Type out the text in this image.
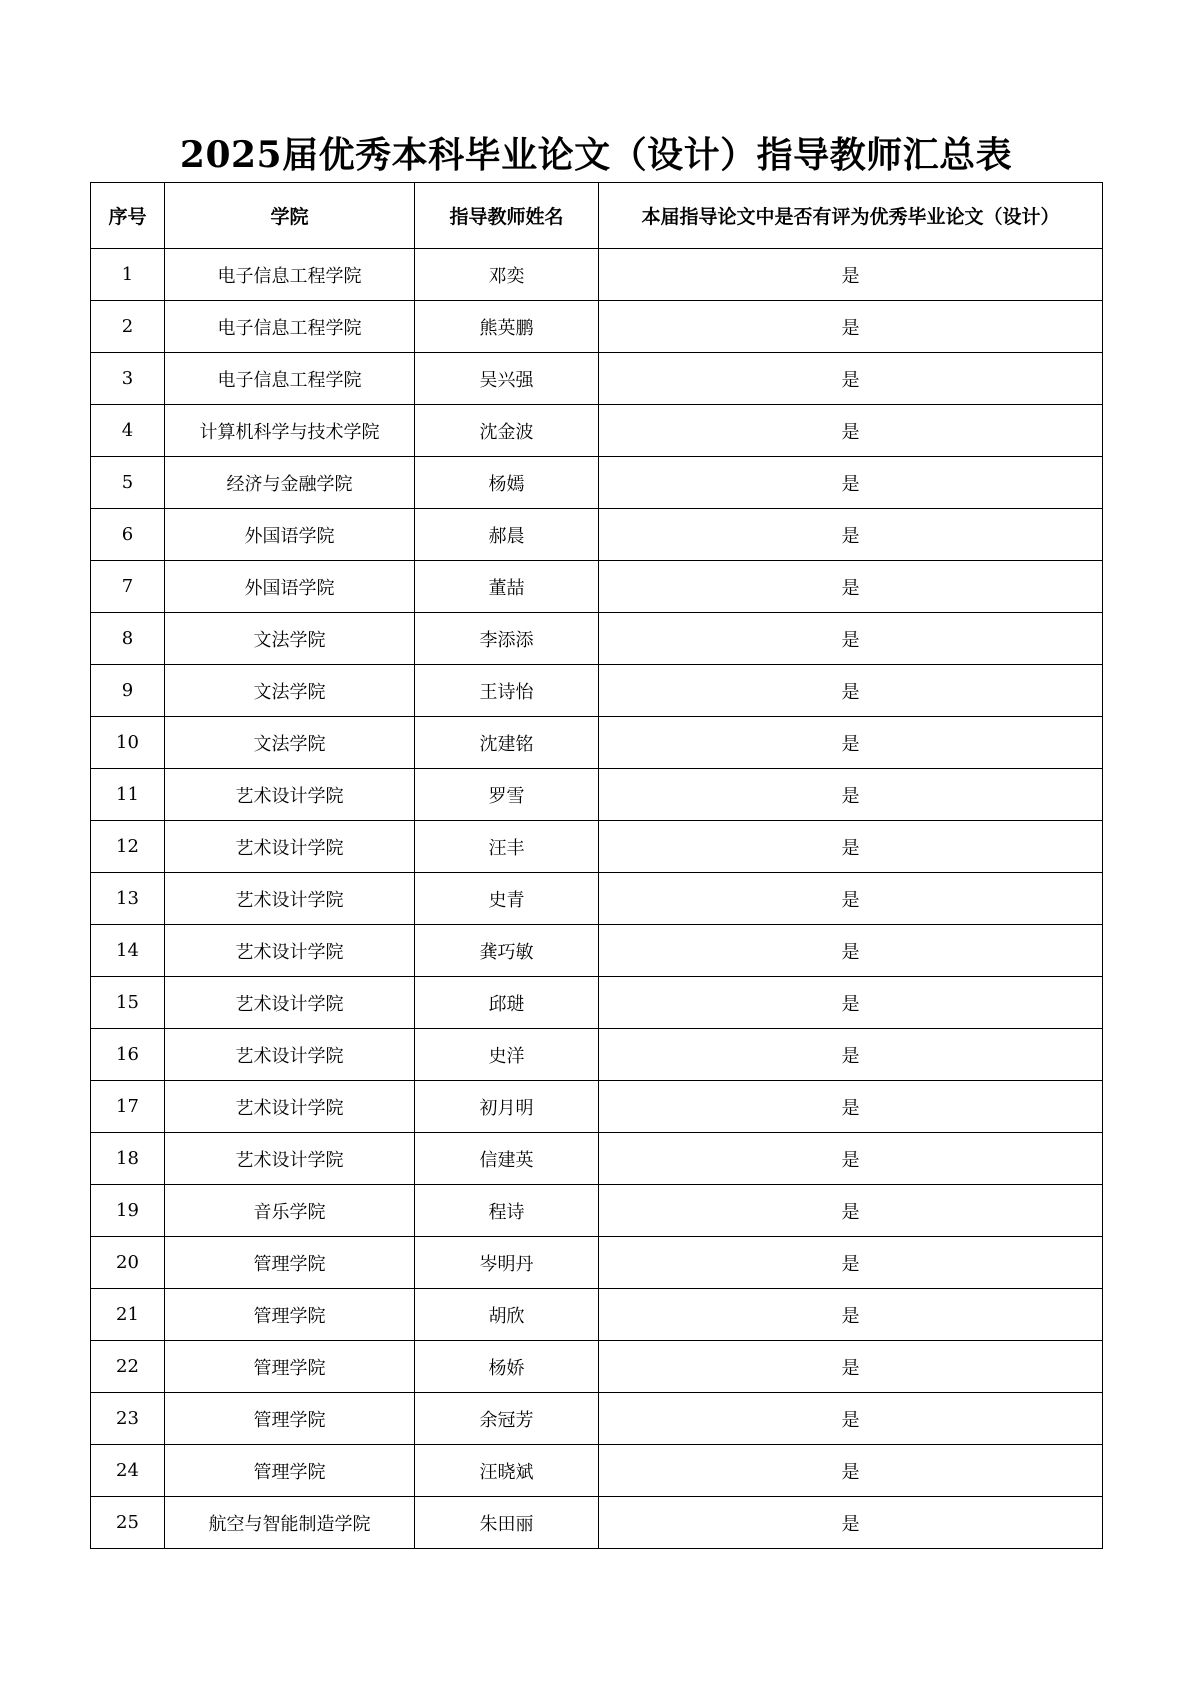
2025届优秀本科毕业论文（设计）指导教师汇总表
序号	学院	指导教师姓名	本届指导论文中是否有评为优秀毕业论文（设计）
1	电子信息工程学院	邓奕	是
2	电子信息工程学院	熊英鹏	是
3	电子信息工程学院	吴兴强	是
4	计算机科学与技术学院	沈金波	是
5	经济与金融学院	杨嫣	是
6	外国语学院	郝晨	是
7	外国语学院	董喆	是
8	文法学院	李添添	是
9	文法学院	王诗怡	是
10	文法学院	沈建铭	是
11	艺术设计学院	罗雪	是
12	艺术设计学院	汪丰	是
13	艺术设计学院	史青	是
14	艺术设计学院	龚巧敏	是
15	艺术设计学院	邱琎	是
16	艺术设计学院	史洋	是
17	艺术设计学院	初月明	是
18	艺术设计学院	信建英	是
19	音乐学院	程诗	是
20	管理学院	岑明丹	是
21	管理学院	胡欣	是
22	管理学院	杨娇	是
23	管理学院	余冠芳	是
24	管理学院	汪晓斌	是
25	航空与智能制造学院	朱田丽	是
